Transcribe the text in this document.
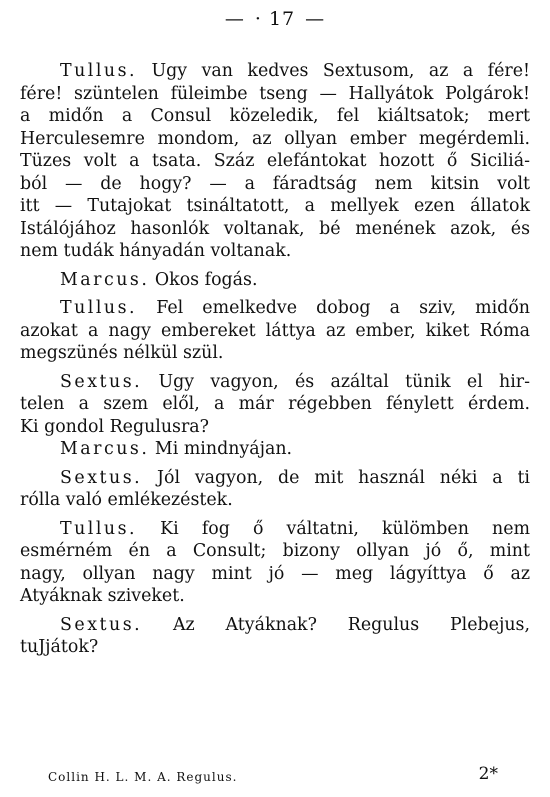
— · 17 —
Tullus. Ugy van kedves Sextusom, az a fére!
fére! szüntelen füleimbe tseng — Hallyátok Polgárok!
a midőn a Consul közeledik, fel kiáltsatok; mert
Herculesemre mondom, az ollyan ember megérdemli.
Tüzes volt a tsata. Száz elefántokat hozott ő Siciliá-
ból — de hogy? — a fáradtság nem kitsin volt
itt — Tutajokat tsináltatott, a mellyek ezen állatok
Istálójához hasonlók voltanak, bé menének azok, és
nem tudák hányadán voltanak.
Marcus. Okos fogás.
Tullus. Fel emelkedve dobog a sziv, midőn
azokat a nagy embereket láttya az ember, kiket Róma
megszünés nélkül szül.
Sextus. Ugy vagyon, és azáltal tünik el hir-
telen a szem elől, a már régebben fénylett érdem.
Ki gondol Regulusra?
Marcus. Mi mindnyájan.
Sextus. Jól vagyon, de mit használ néki a ti
rólla való emlékezéstek.
Tullus. Ki fog ő váltatni, külömben nem
esmérném én a Consult; bizony ollyan jó ő, mint
nagy, ollyan nagy mint jó — meg lágyíttya ő az
Atyáknak sziveket.
Sextus. Az Atyáknak? Regulus Plebejus,
tuJjátok?
Collin H. L. M. A. Regulus.	2*
